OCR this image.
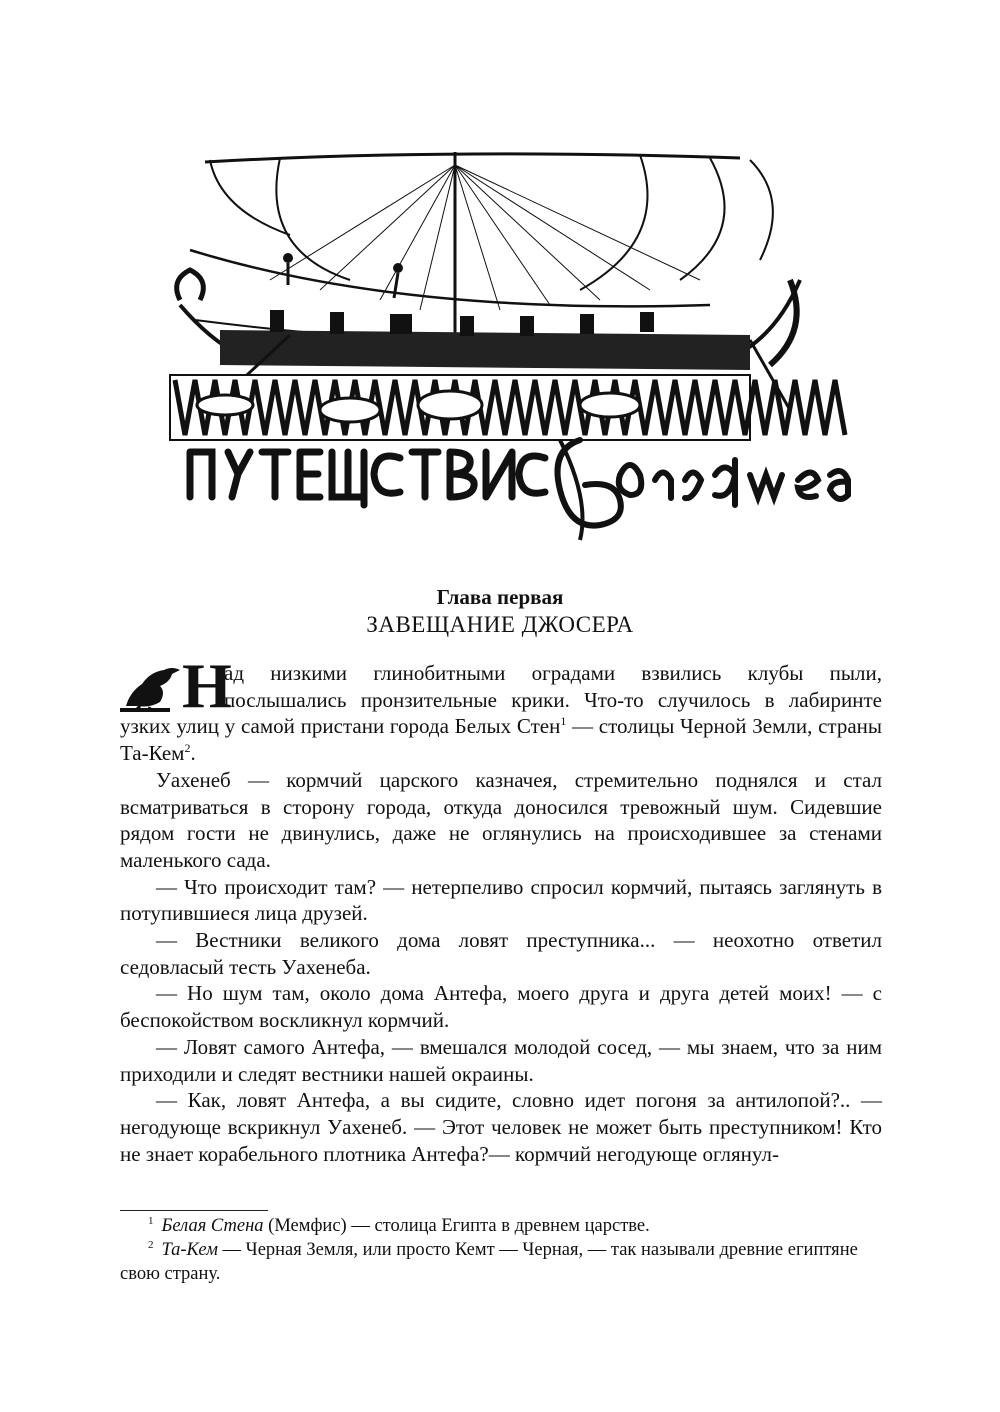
Глава первая
ЗАВЕЩАНИЕ ДЖОСЕРА

Н
ад низкими глинобитными оградами взвились клубы пыли, послышались пронзительные крики. Что-то случилось в лабиринте узких улиц у самой пристани города Белых Стен$^1$ — столицы Черной Земли, страны Та-Кем$^2$.

Уахенеб — кормчий царского казначея, стремительно поднялся и стал всматриваться в сторону города, откуда доносился тревожный шум. Сидевшие рядом гости не двинулись, даже не оглянулись на происходившее за стенами маленького сада.

— Что происходит там? — нетерпеливо спросил кормчий, пытаясь заглянуть в потупившиеся лица друзей.

— Вестники великого дома ловят преступника... — неохотно ответил седовласый тесть Уахенеба.

— Но шум там, около дома Антефа, моего друга и друга детей моих! — с беспокойством воскликнул кормчий.

— Ловят самого Антефа, — вмешался молодой сосед, — мы знаем, что за ним приходили и следят вестники нашей окраины.

— Как, ловят Антефа, а вы сидите, словно идет погоня за антилопой?.. — негодующе вскрикнул Уахенеб. — Этот человек не может быть преступником! Кто не знает корабельного плотника Антефа?— кормчий негодующе оглянул-

$^1$ Белая Стена (Мемфис) — столица Египта в древнем царстве.

$^2$ Та-Кем — Черная Земля, или просто Кемт — Черная, — так называли древние египтяне свою страну.
